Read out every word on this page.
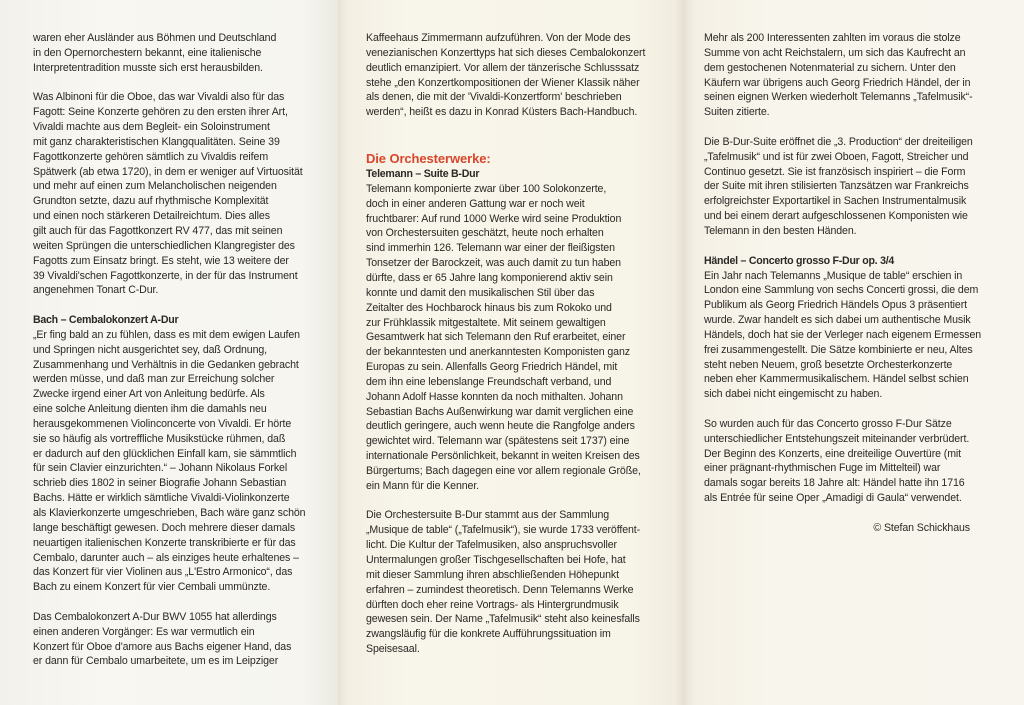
waren eher Ausländer aus Böhmen und Deutschland
in den Opernorchestern bekannt, eine italienische
Interpretentradition musste sich erst herausbilden.

Was Albinoni für die Oboe, das war Vivaldi also für das
Fagott: Seine Konzerte gehören zu den ersten ihrer Art,
Vivaldi machte aus dem Begleit- ein Soloinstrument
mit ganz charakteristischen Klangqualitäten. Seine 39
Fagottkonzerte gehören sämtlich zu Vivaldis reifem
Spätwerk (ab etwa 1720), in dem er weniger auf Virtuosität
und mehr auf einen zum Melancholischen neigenden
Grundton setzte, dazu auf rhythmische Komplexität
und einen noch stärkeren Detailreichtum. Dies alles
gilt auch für das Fagottkonzert RV 477, das mit seinen
weiten Sprüngen die unterschiedlichen Klangregister des
Fagotts zum Einsatz bringt. Es steht, wie 13 weitere der
39 Vivaldi'schen Fagottkonzerte, in der für das Instrument
angenehmen Tonart C-Dur.

Bach – Cembalokonzert A-Dur

„Er fing bald an zu fühlen, dass es mit dem ewigen Laufen
und Springen nicht ausgerichtet sey, daß Ordnung,
Zusammenhang und Verhältnis in die Gedanken gebracht
werden müsse, und daß man zur Erreichung solcher
Zwecke irgend einer Art von Anleitung bedürfe. Als
eine solche Anleitung dienten ihm die damahls neu
herausgekommenen Violinconcerte von Vivaldi. Er hörte
sie so häufig als vortreffliche Musikstücke rühmen, daß
er dadurch auf den glücklichen Einfall kam, sie sämmtlich
für sein Clavier einzurichten.“ – Johann Nikolaus Forkel
schrieb dies 1802 in seiner Biografie Johann Sebastian
Bachs. Hätte er wirklich sämtliche Vivaldi-Violinkonzerte
als Klavierkonzerte umgeschrieben, Bach wäre ganz schön
lange beschäftigt gewesen. Doch mehrere dieser damals
neuartigen italienischen Konzerte transkribierte er für das
Cembalo, darunter auch – als einziges heute erhaltenes –
das Konzert für vier Violinen aus „L'Estro Armonico“, das
Bach zu einem Konzert für vier Cembali ummünzte.

Das Cembalokonzert A-Dur BWV 1055 hat allerdings
einen anderen Vorgänger: Es war vermutlich ein
Konzert für Oboe d'amore aus Bachs eigener Hand, das
er dann für Cembalo umarbeitete, um es im Leipziger

Kaffeehaus Zimmermann aufzuführen. Von der Mode des
venezianischen Konzerttyps hat sich dieses Cembalokonzert
deutlich emanzipiert. Vor allem der tänzerische Schlusssatz
stehe „den Konzertkompositionen der Wiener Klassik näher
als denen, die mit der 'Vivaldi-Konzertform' beschrieben
werden“, heißt es dazu in Konrad Küsters Bach-Handbuch.

Die Orchesterwerke:
Telemann – Suite B-Dur

Telemann komponierte zwar über 100 Solokonzerte,
doch in einer anderen Gattung war er noch weit
fruchtbarer: Auf rund 1000 Werke wird seine Produktion
von Orchestersuiten geschätzt, heute noch erhalten
sind immerhin 126. Telemann war einer der fleißigsten
Tonsetzer der Barockzeit, was auch damit zu tun haben
dürfte, dass er 65 Jahre lang komponierend aktiv sein
konnte und damit den musikalischen Stil über das
Zeitalter des Hochbarock hinaus bis zum Rokoko und
zur Frühklassik mitgestaltete. Mit seinem gewaltigen
Gesamtwerk hat sich Telemann den Ruf erarbeitet, einer
der bekanntesten und anerkanntesten Komponisten ganz
Europas zu sein. Allenfalls Georg Friedrich Händel, mit
dem ihn eine lebenslange Freundschaft verband, und
Johann Adolf Hasse konnten da noch mithalten. Johann
Sebastian Bachs Außenwirkung war damit verglichen eine
deutlich geringere, auch wenn heute die Rangfolge anders
gewichtet wird. Telemann war (spätestens seit 1737) eine
internationale Persönlichkeit, bekannt in weiten Kreisen des
Bürgertums; Bach dagegen eine vor allem regionale Größe,
ein Mann für die Kenner.

Die Orchestersuite B-Dur stammt aus der Sammlung
„Musique de table“ („Tafelmusik“), sie wurde 1733 veröffent-
licht. Die Kultur der Tafelmusiken, also anspruchsvoller
Untermalungen großer Tischgesellschaften bei Hofe, hat
mit dieser Sammlung ihren abschließenden Höhepunkt
erfahren – zumindest theoretisch. Denn Telemanns Werke
dürften doch eher reine Vortrags- als Hintergrundmusik
gewesen sein. Der Name „Tafelmusik“ steht also keinesfalls
zwangsläufig für die konkrete Aufführungssituation im
Speisesaal.

Mehr als 200 Interessenten zahlten im voraus die stolze
Summe von acht Reichstalern, um sich das Kaufrecht an
dem gestochenen Notenmaterial zu sichern. Unter den
Käufern war übrigens auch Georg Friedrich Händel, der in
seinen eignen Werken wiederholt Telemanns „Tafelmusik“-
Suiten zitierte.

Die B-Dur-Suite eröffnet die „3. Production“ der dreiteiligen
„Tafelmusik“ und ist für zwei Oboen, Fagott, Streicher und
Continuo gesetzt. Sie ist französisch inspiriert – die Form
der Suite mit ihren stilisierten Tanzsätzen war Frankreichs
erfolgreichster Exportartikel in Sachen Instrumentalmusik
und bei einem derart aufgeschlossenen Komponisten wie
Telemann in den besten Händen.

Händel – Concerto grosso F-Dur op. 3/4

Ein Jahr nach Telemanns „Musique de table“ erschien in
London eine Sammlung von sechs Concerti grossi, die dem
Publikum als Georg Friedrich Händels Opus 3 präsentiert
wurde. Zwar handelt es sich dabei um authentische Musik
Händels, doch hat sie der Verleger nach eigenem Ermessen
frei zusammengestellt. Die Sätze kombinierte er neu, Altes
steht neben Neuem, groß besetzte Orchesterkonzerte
neben eher Kammermusikalischem. Händel selbst schien
sich dabei nicht eingemischt zu haben.

So wurden auch für das Concerto grosso F-Dur Sätze
unterschiedlicher Entstehungszeit miteinander verbrüdert.
Der Beginn des Konzerts, eine dreiteilige Ouvertüre (mit
einer prägnant-rhythmischen Fuge im Mittelteil) war
damals sogar bereits 18 Jahre alt: Händel hatte ihn 1716
als Entrée für seine Oper „Amadigi di Gaula“ verwendet.

© Stefan Schickhaus
